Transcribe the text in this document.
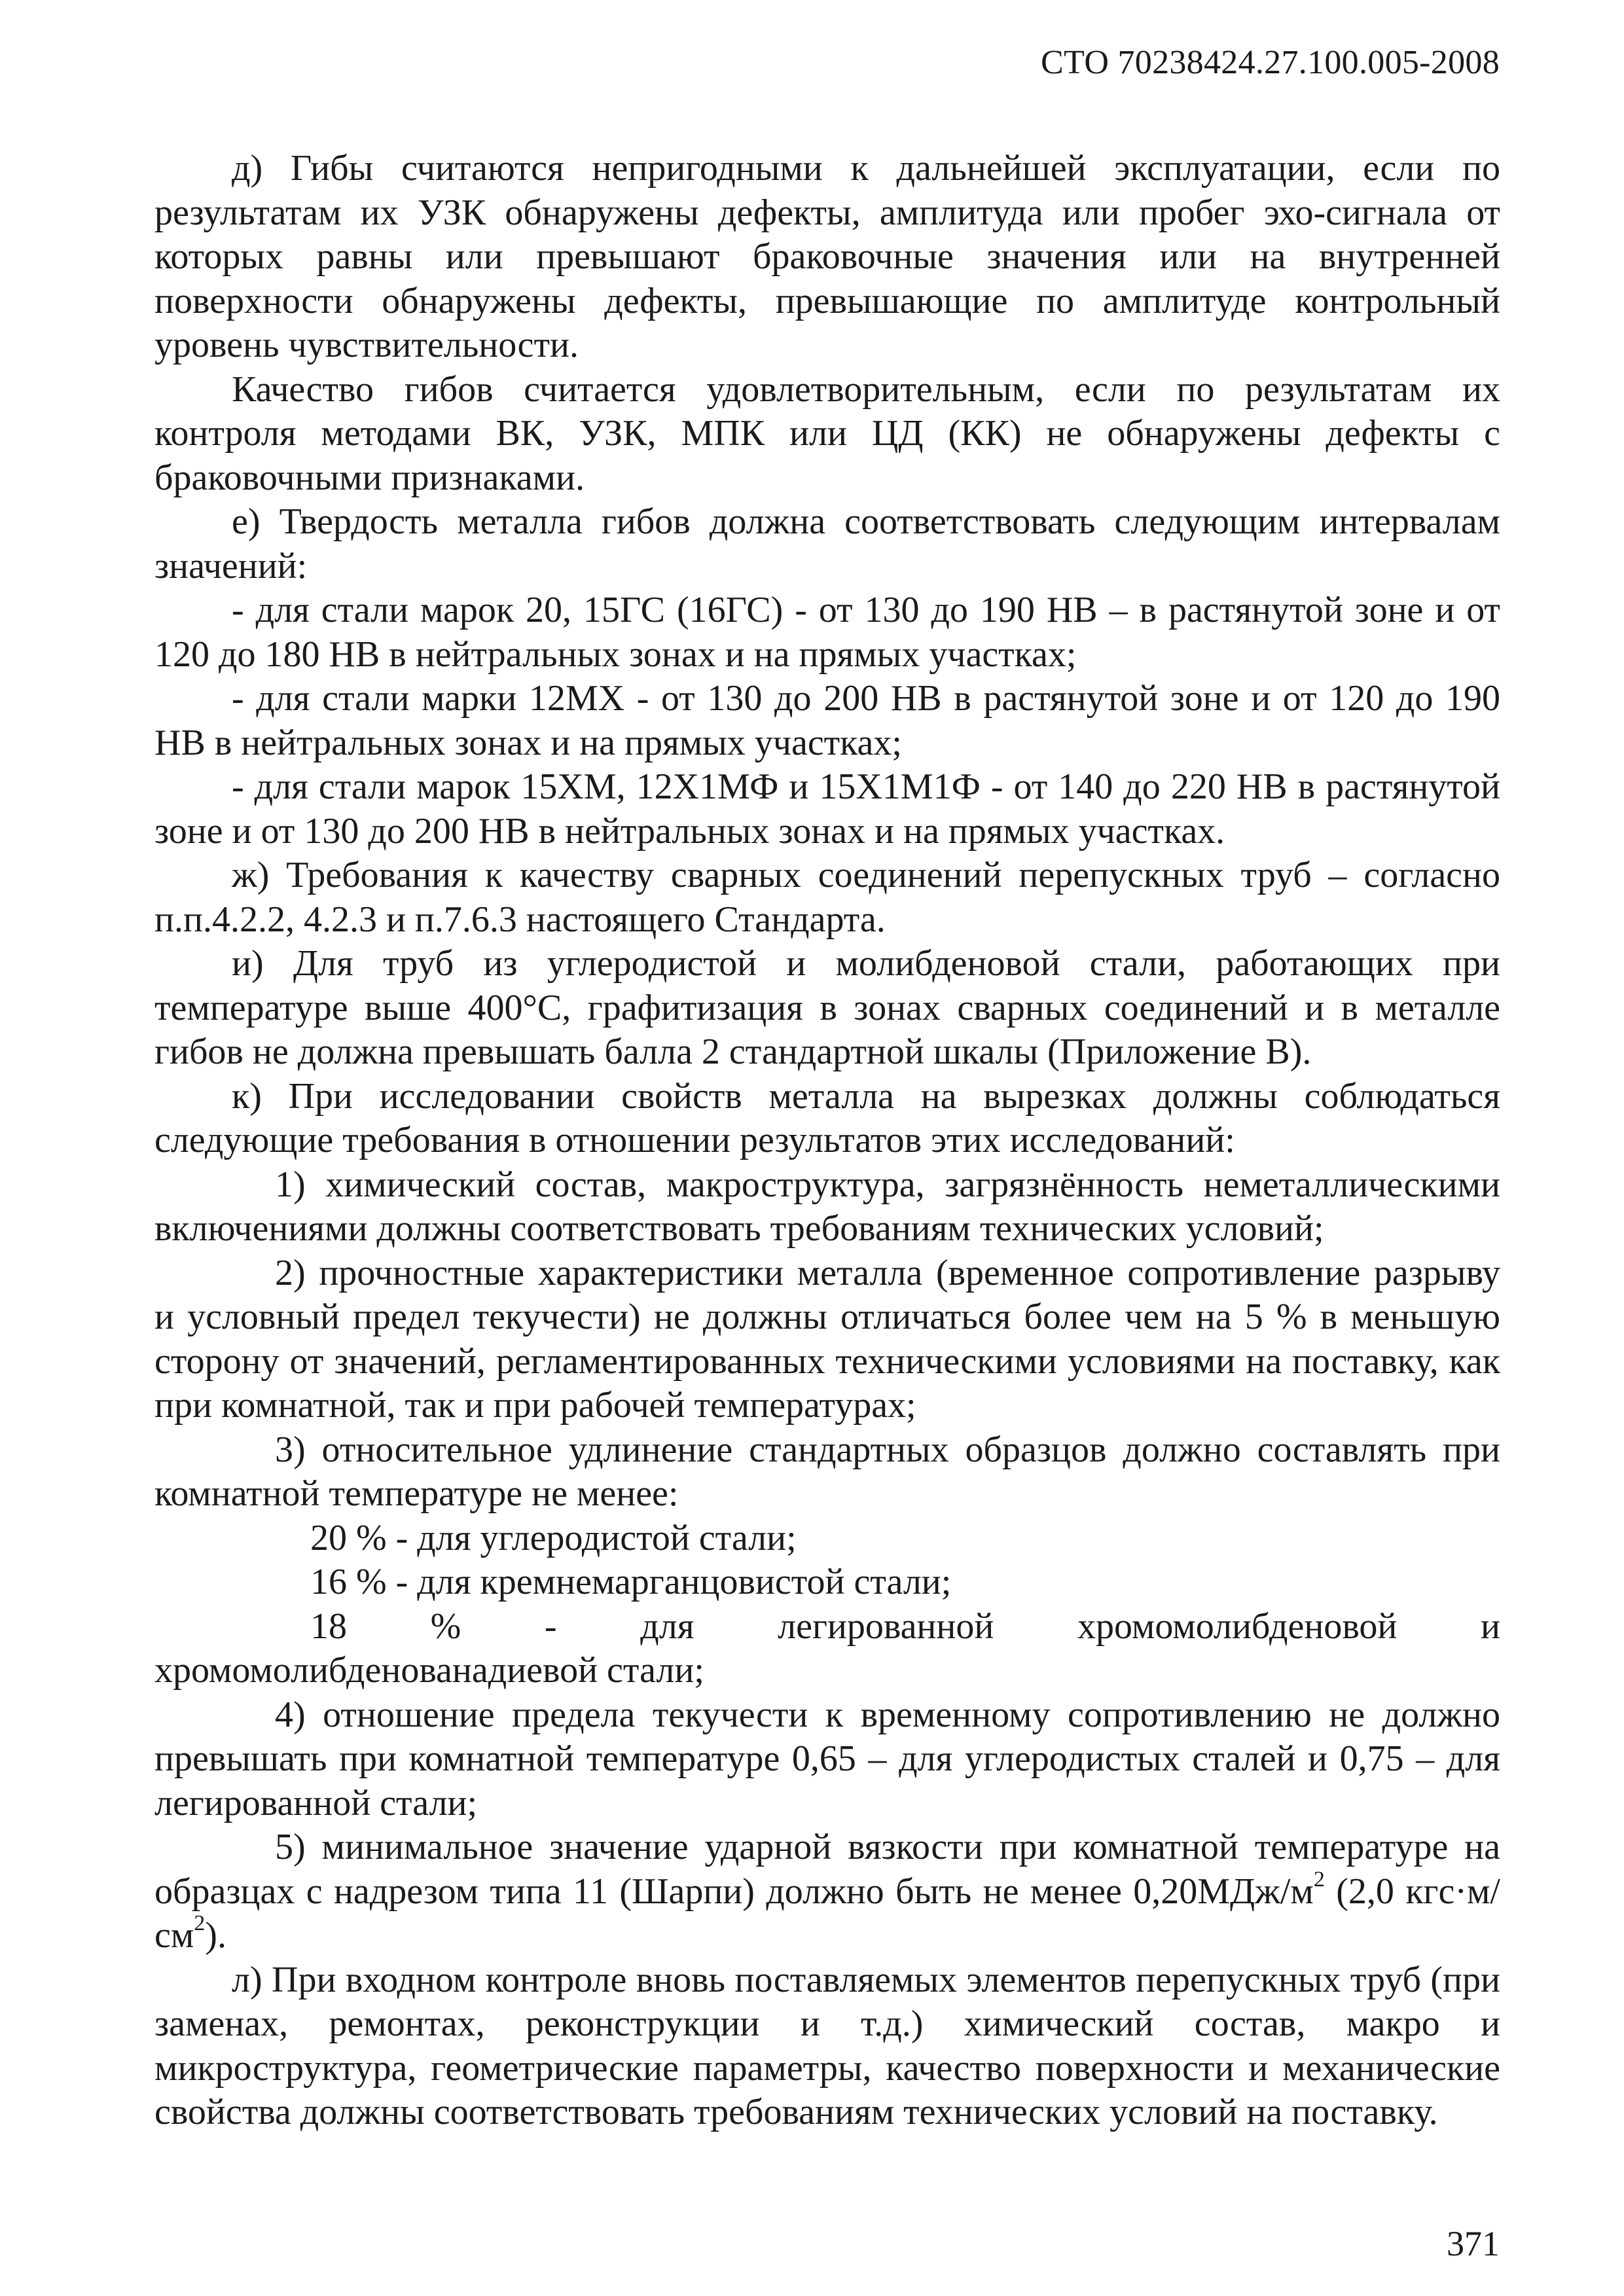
СТО 70238424.27.100.005-2008

д) Гибы считаются непригодными к дальнейшей эксплуатации, если по результатам их УЗК обнаружены дефекты, амплитуда или пробег эхо-сигнала от которых равны или превышают браковочные значения или на внутренней поверхности обнаружены дефекты, превышающие по амплитуде контрольный уровень чувствительности.

Качество гибов считается удовлетворительным, если по результатам их контроля методами ВК, УЗК, МПК или ЦД (КК) не обнаружены дефекты с браковочными признаками.

е) Твердость металла гибов должна соответствовать следующим интервалам значений:

- для стали марок 20, 15ГС (16ГС) - от 130 до 190 НВ – в растянутой зоне и от 120 до 180 НВ в нейтральных зонах и на прямых участках;

- для стали марки 12МХ - от 130 до 200 НВ в растянутой зоне и от 120 до 190 НВ в нейтральных зонах и на прямых участках;

- для стали марок 15ХМ, 12Х1МФ и 15Х1М1Ф - от 140 до 220 НВ в растянутой зоне и от 130 до 200 НВ в нейтральных зонах и на прямых участках.

ж) Требования к качеству сварных соединений перепускных труб – согласно п.п.4.2.2, 4.2.3 и п.7.6.3 настоящего Стандарта.

и) Для труб из углеродистой и молибденовой стали, работающих при температуре выше 400°С, графитизация в зонах сварных соединений и в металле гибов не должна превышать балла 2 стандартной шкалы (Приложение В).

к) При исследовании свойств металла на вырезках должны соблюдаться следующие требования в отношении результатов этих исследований:

1) химический состав, макроструктура, загрязнённость неметаллическими включениями должны соответствовать требованиям технических условий;

2) прочностные характеристики металла (временное сопротивление разрыву и условный предел текучести) не должны отличаться более чем на 5 % в меньшую сторону от значений, регламентированных техническими условиями на поставку, как при комнатной, так и при рабочей температурах;

3) относительное удлинение стандартных образцов должно составлять при комнатной температуре не менее:

20 % - для углеродистой стали;

16 % - для кремнемарганцовистой стали;

18 % - для легированной хромомолибденовой и хромомолибденованадиевой стали;

4) отношение предела текучести к временному сопротивлению не должно превышать при комнатной температуре 0,65 – для углеродистых сталей и 0,75 – для легированной стали;

5) минимальное значение ударной вязкости при комнатной температуре на образцах с надрезом типа 11 (Шарпи) должно быть не менее $0,20МДж/м^2$ (2,0 $кгс\cdot м/см^2$).

л) При входном контроле вновь поставляемых элементов перепускных труб (при заменах, ремонтах, реконструкции и т.д.) химический состав, макро и микроструктура, геометрические параметры, качество поверхности и механические свойства должны соответствовать требованиям технических условий на поставку.

371
